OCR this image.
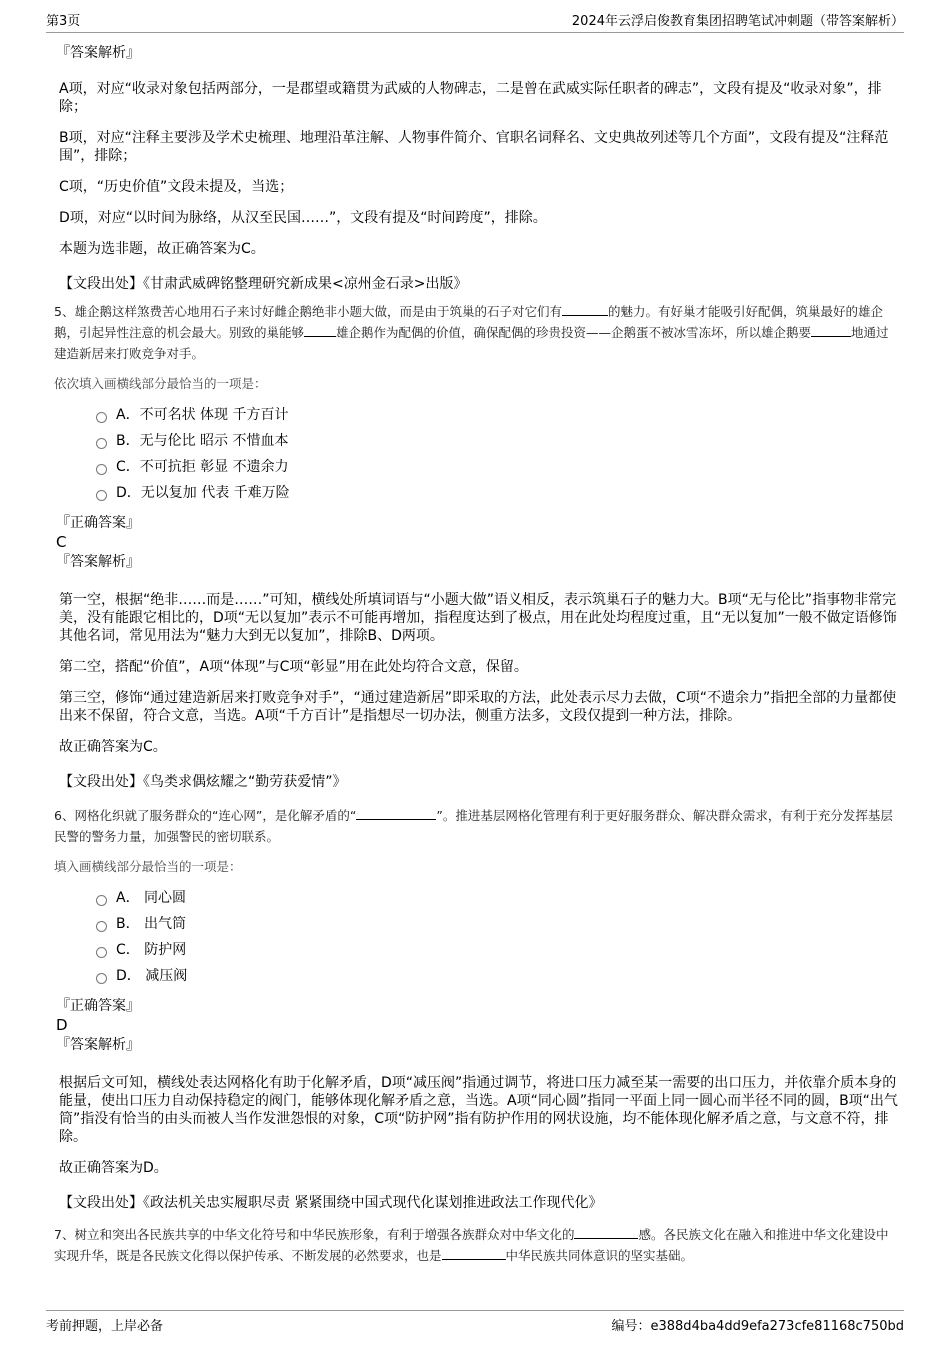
第3页	2024年云浮启俊教育集团招聘笔试冲刺题（带答案解析）
『答案解析』

A项，对应“收录对象包括两部分，一是郡望或籍贯为武威的人物碑志，二是曾在武威实际任职者的碑志”，文段有提及“收录对象”，排除；

B项，对应“注释主要涉及学术史梳理、地理沿革注解、人物事件简介、官职名词释名、文史典故列述等几个方面”，文段有提及“注释范围”，排除；

C项，“历史价值”文段未提及，当选；

D项，对应“以时间为脉络，从汉至民国……”，文段有提及“时间跨度”，排除。

本题为选非题，故正确答案为C。

【文段出处】《甘肃武威碑铭整理研究新成果<凉州金石录>出版》

5、雄企鹅这样煞费苦心地用石子来讨好雌企鹅绝非小题大做，而是由于筑巢的石子对它们有	的魅力。有好巢才能吸引好配偶，筑巢最好的雄企鹅，引起异性注意的机会最大。别致的巢能够	雄企鹅作为配偶的价值，确保配偶的珍贵投资——企鹅蛋不被冰雪冻坏，所以雄企鹅要	地通过建造新居来打败竞争对手。

依次填入画横线部分最恰当的一项是：

A．不可名状 体现 千方百计
B．无与伦比 昭示 不惜血本
C．不可抗拒 彰显 不遗余力
D．无以复加 代表 千难万险
『正确答案』
C
『答案解析』

第一空，根据“绝非……而是……”可知，横线处所填词语与“小题大做”语义相反，表示筑巢石子的魅力大。B项“无与伦比”指事物非常完美，没有能跟它相比的，D项“无以复加”表示不可能再增加，指程度达到了极点，用在此处均程度过重，且“无以复加”一般不做定语修饰其他名词，常见用法为“魅力大到无以复加”，排除B、D两项。

第二空，搭配“价值”，A项“体现”与C项“彰显”用在此处均符合文意，保留。

第三空，修饰“通过建造新居来打败竞争对手”，“通过建造新居”即采取的方法，此处表示尽力去做，C项“不遗余力”指把全部的力量都使出来不保留，符合文意，当选。A项“千方百计”是指想尽一切办法，侧重方法多，文段仅提到一种方法，排除。

故正确答案为C。

【文段出处】《鸟类求偶炫耀之“勤劳获爱情”》

6、网格化织就了服务群众的“连心网”，是化解矛盾的“	”。推进基层网格化管理有利于更好服务群众、解决群众需求，有利于充分发挥基层民警的警务力量，加强警民的密切联系。

填入画横线部分最恰当的一项是：

A． 同心圆
B． 出气筒
C． 防护网
D． 减压阀
『正确答案』
D
『答案解析』

根据后文可知，横线处表达网格化有助于化解矛盾，D项“减压阀”指通过调节，将进口压力减至某一需要的出口压力，并依靠介质本身的能量，使出口压力自动保持稳定的阀门，能够体现化解矛盾之意，当选。A项“同心圆”指同一平面上同一圆心而半径不同的圆，B项“出气筒”指没有恰当的由头而被人当作发泄怨恨的对象，C项“防护网”指有防护作用的网状设施，均不能体现化解矛盾之意，与文意不符，排除。

故正确答案为D。

【文段出处】《政法机关忠实履职尽责 紧紧围绕中国式现代化谋划推进政法工作现代化》

7、树立和突出各民族共享的中华文化符号和中华民族形象，有利于增强各族群众对中华文化的	感。各民族文化在融入和推进中华文化建设中实现升华，既是各民族文化得以保护传承、不断发展的必然要求，也是	中华民族共同体意识的坚实基础。

考前押题，上岸必备	编号：e388d4ba4dd9efa273cfe81168c750bd
